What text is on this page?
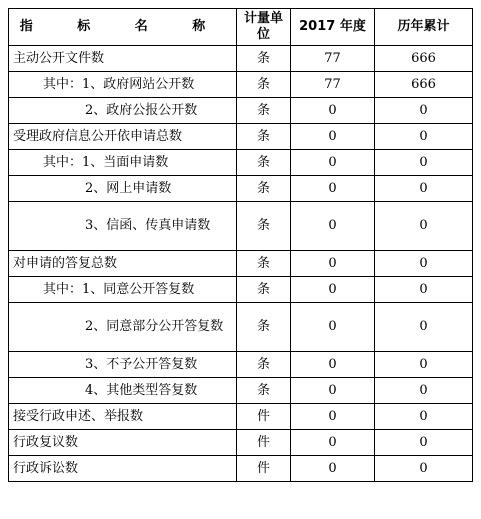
指 标 名 称	计量单位	2017 年度	历年累计
主动公开文件数	条	77	666
其中：1、政府网站公开数	条	77	666
2、政府公报公开数	条	0	0
受理政府信息公开依申请总数	条	0	0
其中：1、当面申请数	条	0	0
2、网上申请数	条	0	0
3、信函、传真申请数	条	0	0
对申请的答复总数	条	0	0
其中：1、同意公开答复数	条	0	0
2、同意部分公开答复数	条	0	0
3、不予公开答复数	条	0	0
4、其他类型答复数	条	0	0
接受行政申述、举报数	件	0	0
行政复议数	件	0	0
行政诉讼数	件	0	0
